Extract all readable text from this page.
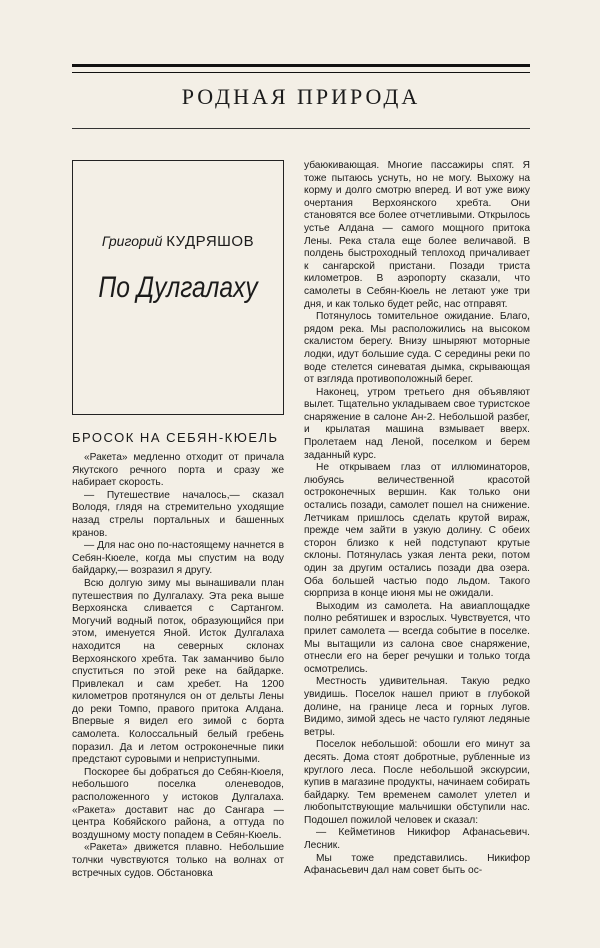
РОДНАЯ ПРИРОДА
Григорий КУДРЯШОВ
По Дулгалаху
БРОСОК НА СЕБЯН-КЮЕЛЬ

«Ракета» медленно отходит от причала Якутского речного порта и сразу же набирает скорость.

— Путешествие началось,— сказал Володя, глядя на стремительно уходящие назад стрелы портальных и башенных кранов.

— Для нас оно по-настоящему начнется в Себян-Кюеле, когда мы спустим на воду байдарку,— возразил я другу.

Всю долгую зиму мы вынашивали план путешествия по Дулгалаху. Эта река выше Верхоянска сливается с Сартангом. Могучий водный поток, образующийся при этом, именуется Яной. Исток Дулгалаха находится на северных склонах Верхоянского хребта. Так заманчиво было спуститься по этой реке на байдарке. Привлекал и сам хребет. На 1200 километров протянулся он от дельты Лены до реки Томпо, правого притока Алдана. Впервые я видел его зимой с борта самолета. Колоссальный белый гребень поразил. Да и летом остроконечные пики предстают суровыми и неприступными.

Поскорее бы добраться до Себян-Кюеля, небольшого поселка оленеводов, расположенного у истоков Дулгалаха. «Ракета» доставит нас до Сангара — центра Кобяйского района, а оттуда по воздушному мосту попадем в Себян-Кюель.

«Ракета» движется плавно. Небольшие толчки чувствуются только на волнах от встречных судов. Обстановка

убаюкивающая. Многие пассажиры спят. Я тоже пытаюсь уснуть, но не могу. Выхожу на корму и долго смотрю вперед. И вот уже вижу очертания Верхоянского хребта. Они становятся все более отчетливыми. Открылось устье Алдана — самого мощного притока Лены. Река стала еще более величавой. В полдень быстроходный теплоход причаливает к сангарской пристани. Позади триста километров. В аэропорту сказали, что самолеты в Себян-Кюель не летают уже три дня, и как только будет рейс, нас отправят.

Потянулось томительное ожидание. Благо, рядом река. Мы расположились на высоком скалистом берегу. Внизу шныряют моторные лодки, идут большие суда. С середины реки по воде стелется синеватая дымка, скрывающая от взгляда противоположный берег.

Наконец, утром третьего дня объявляют вылет. Тщательно укладываем свое туристское снаряжение в салоне Ан-2. Небольшой разбег, и крылатая машина взмывает вверх. Пролетаем над Леной, поселком и берем заданный курс.

Не открываем глаз от иллюминаторов, любуясь величественной красотой остроконечных вершин. Как только они остались позади, самолет пошел на снижение. Летчикам пришлось сделать крутой вираж, прежде чем зайти в узкую долину. С обеих сторон близко к ней подступают крутые склоны. Потянулась узкая лента реки, потом один за другим остались позади два озера. Оба большей частью подо льдом. Такого сюрприза в конце июня мы не ожидали.

Выходим из самолета. На авиаплощадке полно ребятишек и взрослых. Чувствуется, что прилет самолета — всегда событие в поселке. Мы вытащили из салона свое снаряжение, отнесли его на берег речушки и только тогда осмотрелись.

Местность удивительная. Такую редко увидишь. Поселок нашел приют в глубокой долине, на границе леса и горных лугов. Видимо, зимой здесь не часто гуляют ледяные ветры.

Поселок небольшой: обошли его минут за десять. Дома стоят добротные, рубленные из круглого леса. После небольшой экскурсии, купив в магазине продукты, начинаем собирать байдарку. Тем временем самолет улетел и любопытствующие мальчишки обступили нас. Подошел пожилой человек и сказал:

— Кейметинов Никифор Афанасьевич. Лесник.

Мы тоже представились. Никифор Афанасьевич дал нам совет быть ос-
